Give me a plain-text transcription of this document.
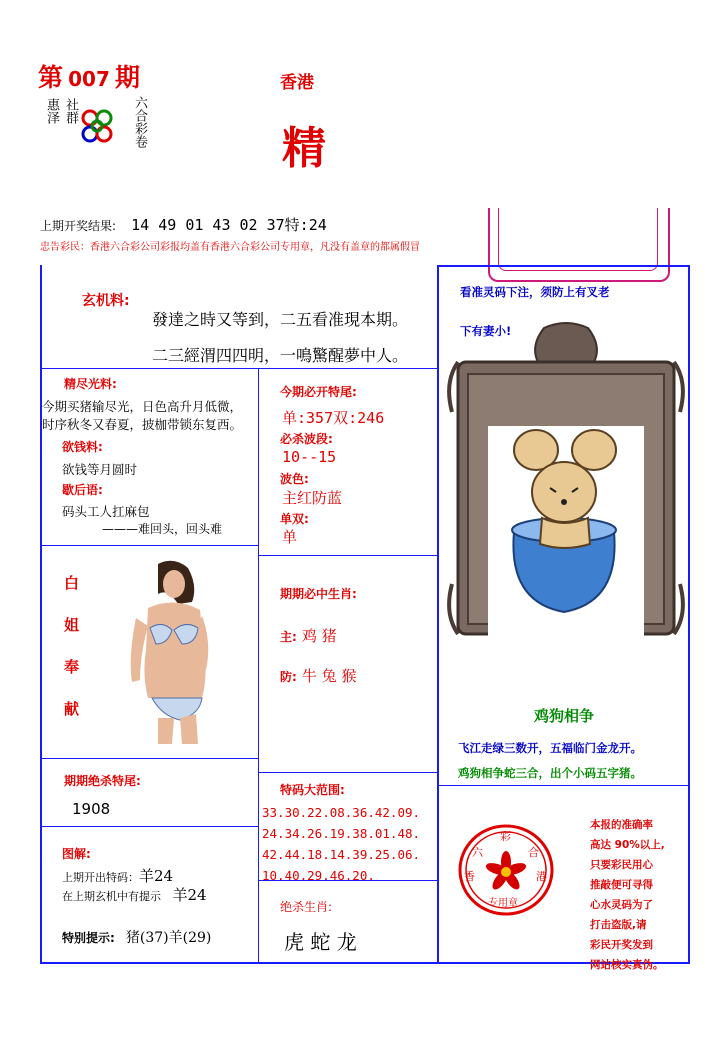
第 007 期
惠泽 社群	六合彩卷
香港
精
上期开奖结果: 14 49 01 43 02 37特:24
忠告彩民：香港六合彩公司彩报均盖有香港六合彩公司专用章，凡没有盖章的都属假冒
玄机料:
發達之時又等到，二五看准現本期。
二三經渭四四明，一鳴驚醒夢中人。
精尽光料:
今期买猪输尽光，日色高升月低微，
时序秋冬又春夏，披枷带锁东复西。
欲钱料:
欲钱等月圆时
歇后语:
码头工人扛麻包
———难回头，回头难
白
姐
奉
献
期期绝杀特尾:
1908
图解:
上期开出特码：羊24
在上期玄机中有提示 羊24
特别提示: 猪(37)羊(29)
今期必开特尾:
单:357双:246
必杀波段:
10--15
波色:
主红防蓝
单双:
单
期期必中生肖:
主: 鸡 猪
防: 牛 兔 猴
特码大范围:
33.30.22.08.36.42.09.
24.34.26.19.38.01.48.
42.44.18.14.39.25.06.
10.40.29.46.20.
绝杀生肖:
虎 蛇 龙
看准灵码下注，须防上有叉老
下有妻小!
鸡狗相争
飞江走绿三数开，五福临门金龙开。
鸡狗相争蛇三合，出个小码五字猪。
六
彩
合
香	港
专用章
本报的准确率
高达 90%以上,
只要彩民用心
推敲便可寻得
心水灵码为了
打击盗版,请
彩民开奖发到
网站核实真伪。
